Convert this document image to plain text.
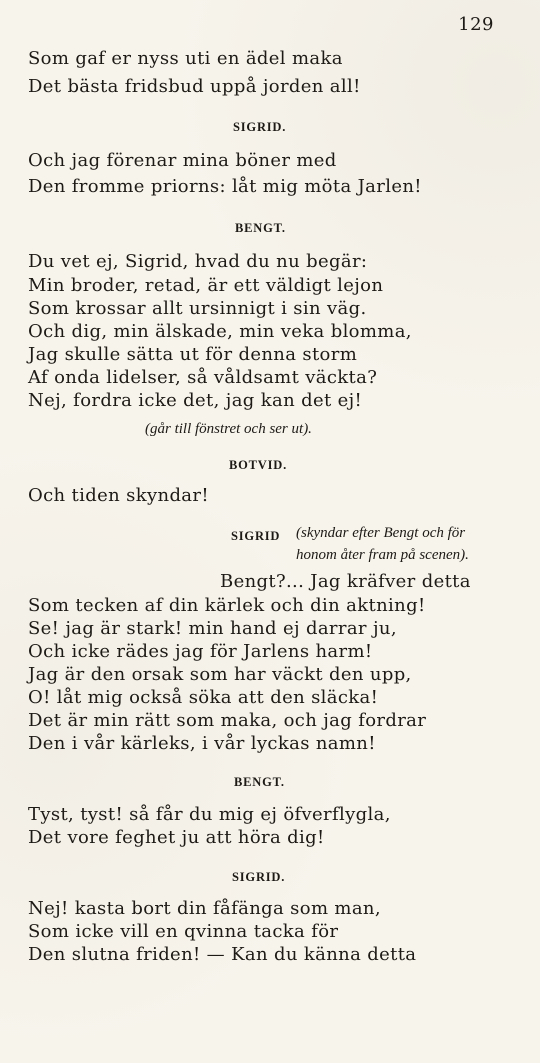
129
Som gaf er nyss uti en ädel maka
Det bästa fridsbud uppå jorden all!
SIGRID.
Och jag förenar mina böner med
Den fromme priorns: låt mig möta Jarlen!
BENGT.
Du vet ej, Sigrid, hvad du nu begär:
Min broder, retad, är ett väldigt lejon
Som krossar allt ursinnigt i sin väg.
Och dig, min älskade, min veka blomma,
Jag skulle sätta ut för denna storm
Af onda lidelser, så våldsamt väckta?
Nej, fordra icke det, jag kan det ej!
(går till fönstret och ser ut).
BOTVID.
Och tiden skyndar!
SIGRID (skyndar efter Bengt och för
honom åter fram på scenen).
Bengt?... Jag kräfver detta
Som tecken af din kärlek och din aktning!
Se! jag är stark! min hand ej darrar ju,
Och icke rädes jag för Jarlens harm!
Jag är den orsak som har väckt den upp,
O! låt mig också söka att den släcka!
Det är min rätt som maka, och jag fordrar
Den i vår kärleks, i vår lyckas namn!
BENGT.
Tyst, tyst! så får du mig ej öfverflygla,
Det vore feghet ju att höra dig!
SIGRID.
Nej! kasta bort din fåfänga som man,
Som icke vill en qvinna tacka för
Den slutna friden! — Kan du känna detta
